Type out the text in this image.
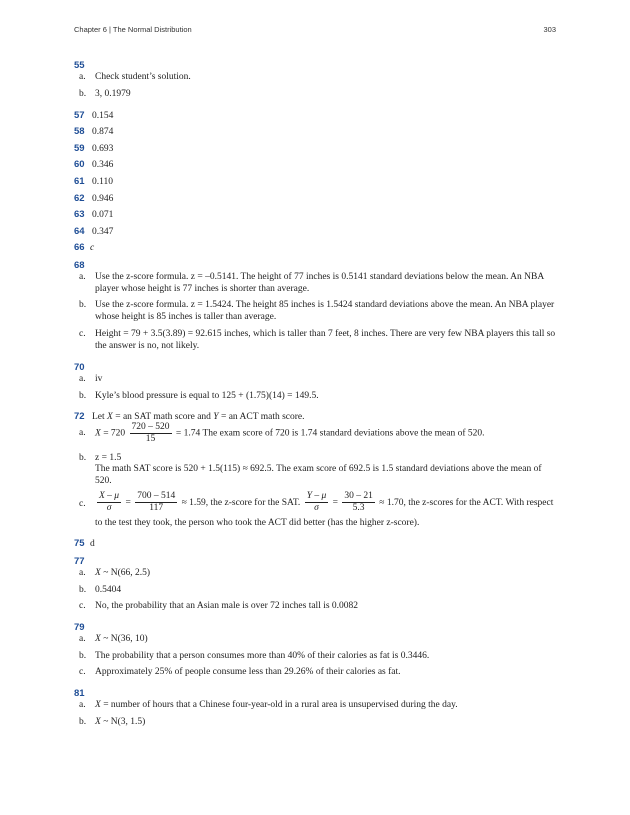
Chapter 6 | The Normal Distribution	303
55
a. Check student’s solution.
b. 3, 0.1979
57 0.154
58 0.874
59 0.693
60 0.346
61 0.110
62 0.946
63 0.071
64 0.347
66 c
68
a. Use the z-score formula. z = –0.5141. The height of 77 inches is 0.5141 standard deviations below the mean. An NBA player whose height is 77 inches is shorter than average.
b. Use the z-score formula. z = 1.5424. The height 85 inches is 1.5424 standard deviations above the mean. An NBA player whose height is 85 inches is taller than average.
c. Height = 79 + 3.5(3.89) = 92.615 inches, which is taller than 7 feet, 8 inches. There are very few NBA players this tall so the answer is no, not likely.
70
a. iv
b. Kyle’s blood pressure is equal to 125 + (1.75)(14) = 149.5.
72 Let X = an SAT math score and Y = an ACT math score.
a. $X = 720 \frac{720 - 520}{15} = 1.74$ The exam score of 720 is 1.74 standard deviations above the mean of 520.
b. z = 1.5
The math SAT score is 520 + 1.5(115) ≈ 692.5. The exam score of 692.5 is 1.5 standard deviations above the mean of 520.
c. $\frac{X - \mu}{\sigma} = \frac{700 - 514}{117} \approx 1.59$, the z-score for the SAT. $\frac{Y - \mu}{\sigma} = \frac{30 - 21}{5.3} \approx 1.70$, the z-scores for the ACT. With respect
to the test they took, the person who took the ACT did better (has the higher z-score).
75 d
77
a. X ~ N(66, 2.5)
b. 0.5404
c. No, the probability that an Asian male is over 72 inches tall is 0.0082
79
a. X ~ N(36, 10)
b. The probability that a person consumes more than 40% of their calories as fat is 0.3446.
c. Approximately 25% of people consume less than 29.26% of their calories as fat.
81
a. X = number of hours that a Chinese four-year-old in a rural area is unsupervised during the day.
b. X ~ N(3, 1.5)
